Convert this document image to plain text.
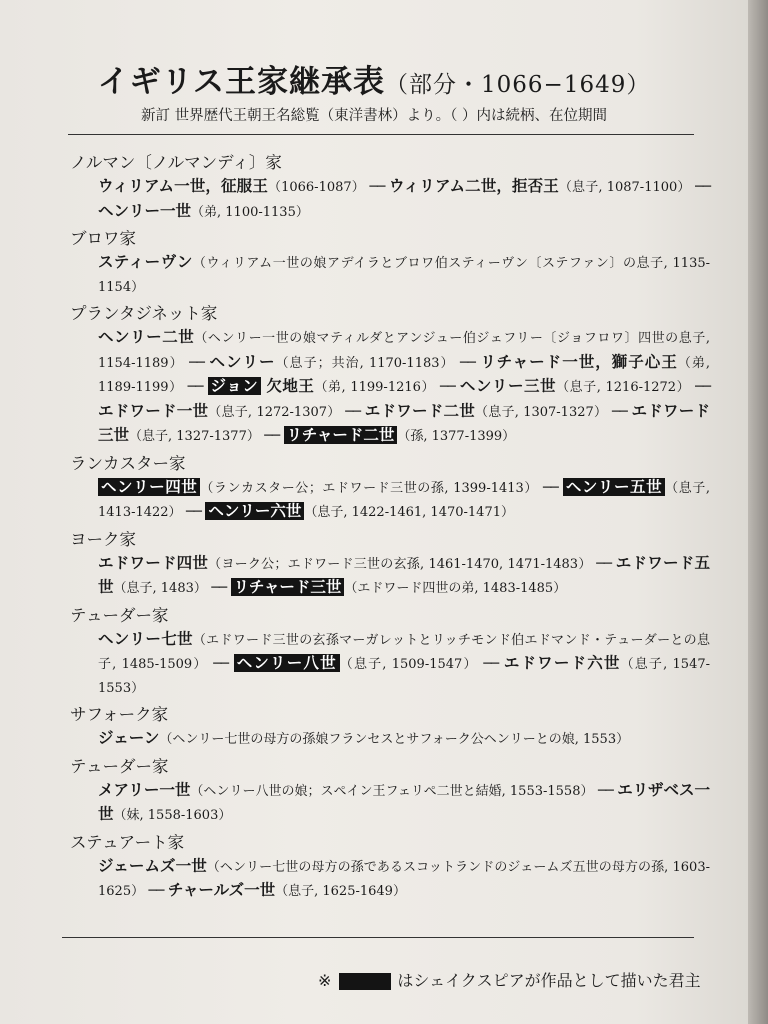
イギリス王家継承表（部分・1066−1649）
新訂 世界歴代王朝王名総覧（東洋書林）より。（ ）内は続柄、在位期間
ノルマン〔ノルマンディ〕家
ウィリアム一世，征服王（1066-1087） ── ウィリアム二世，拒否王（息子, 1087-1100） ── ヘンリー一世（弟, 1100-1135）
ブロワ家
スティーヴン（ウィリアム一世の娘アデイラとブロワ伯スティーヴン〔ステファン〕の息子, 1135-1154）
プランタジネット家
ヘンリー二世（ヘンリー一世の娘マティルダとアンジュー伯ジェフリー〔ジョフロワ〕四世の息子, 1154-1189） ── ヘンリー（息子；共治, 1170-1183） ── リチャード一世，獅子心王（弟, 1189-1199） ── ジョン 欠地王（弟, 1199-1216） ── ヘンリー三世（息子, 1216-1272） ── エドワード一世（息子, 1272-1307） ── エドワード二世（息子, 1307-1327） ── エドワード三世（息子, 1327-1377） ── リチャード二世 （孫, 1377-1399）
ランカスター家
ヘンリー四世 （ランカスター公；エドワード三世の孫, 1399-1413） ── ヘンリー五世 （息子, 1413-1422） ── ヘンリー六世 （息子, 1422-1461, 1470-1471）
ヨーク家
エドワード四世（ヨーク公；エドワード三世の玄孫, 1461-1470, 1471-1483） ── エドワード五世（息子, 1483） ── リチャード三世 （エドワード四世の弟, 1483-1485）
テューダー家
ヘンリー七世（エドワード三世の玄孫マーガレットとリッチモンド伯エドマンド・テューダーとの息子, 1485-1509） ── ヘンリー八世 （息子, 1509-1547） ── エドワード六世（息子, 1547-1553）
サフォーク家
ジェーン（ヘンリー七世の母方の孫娘フランセスとサフォーク公ヘンリーとの娘, 1553）
テューダー家
メアリー一世（ヘンリー八世の娘；スペイン王フェリペ二世と結婚, 1553-1558） ── エリザベス一世（妹, 1558-1603）
ステュアート家
ジェームズ一世（ヘンリー七世の母方の孫であるスコットランドのジェームズ五世の母方の孫, 1603-1625） ── チャールズ一世（息子, 1625-1649）
※	はシェイクスピアが作品として描いた君主
